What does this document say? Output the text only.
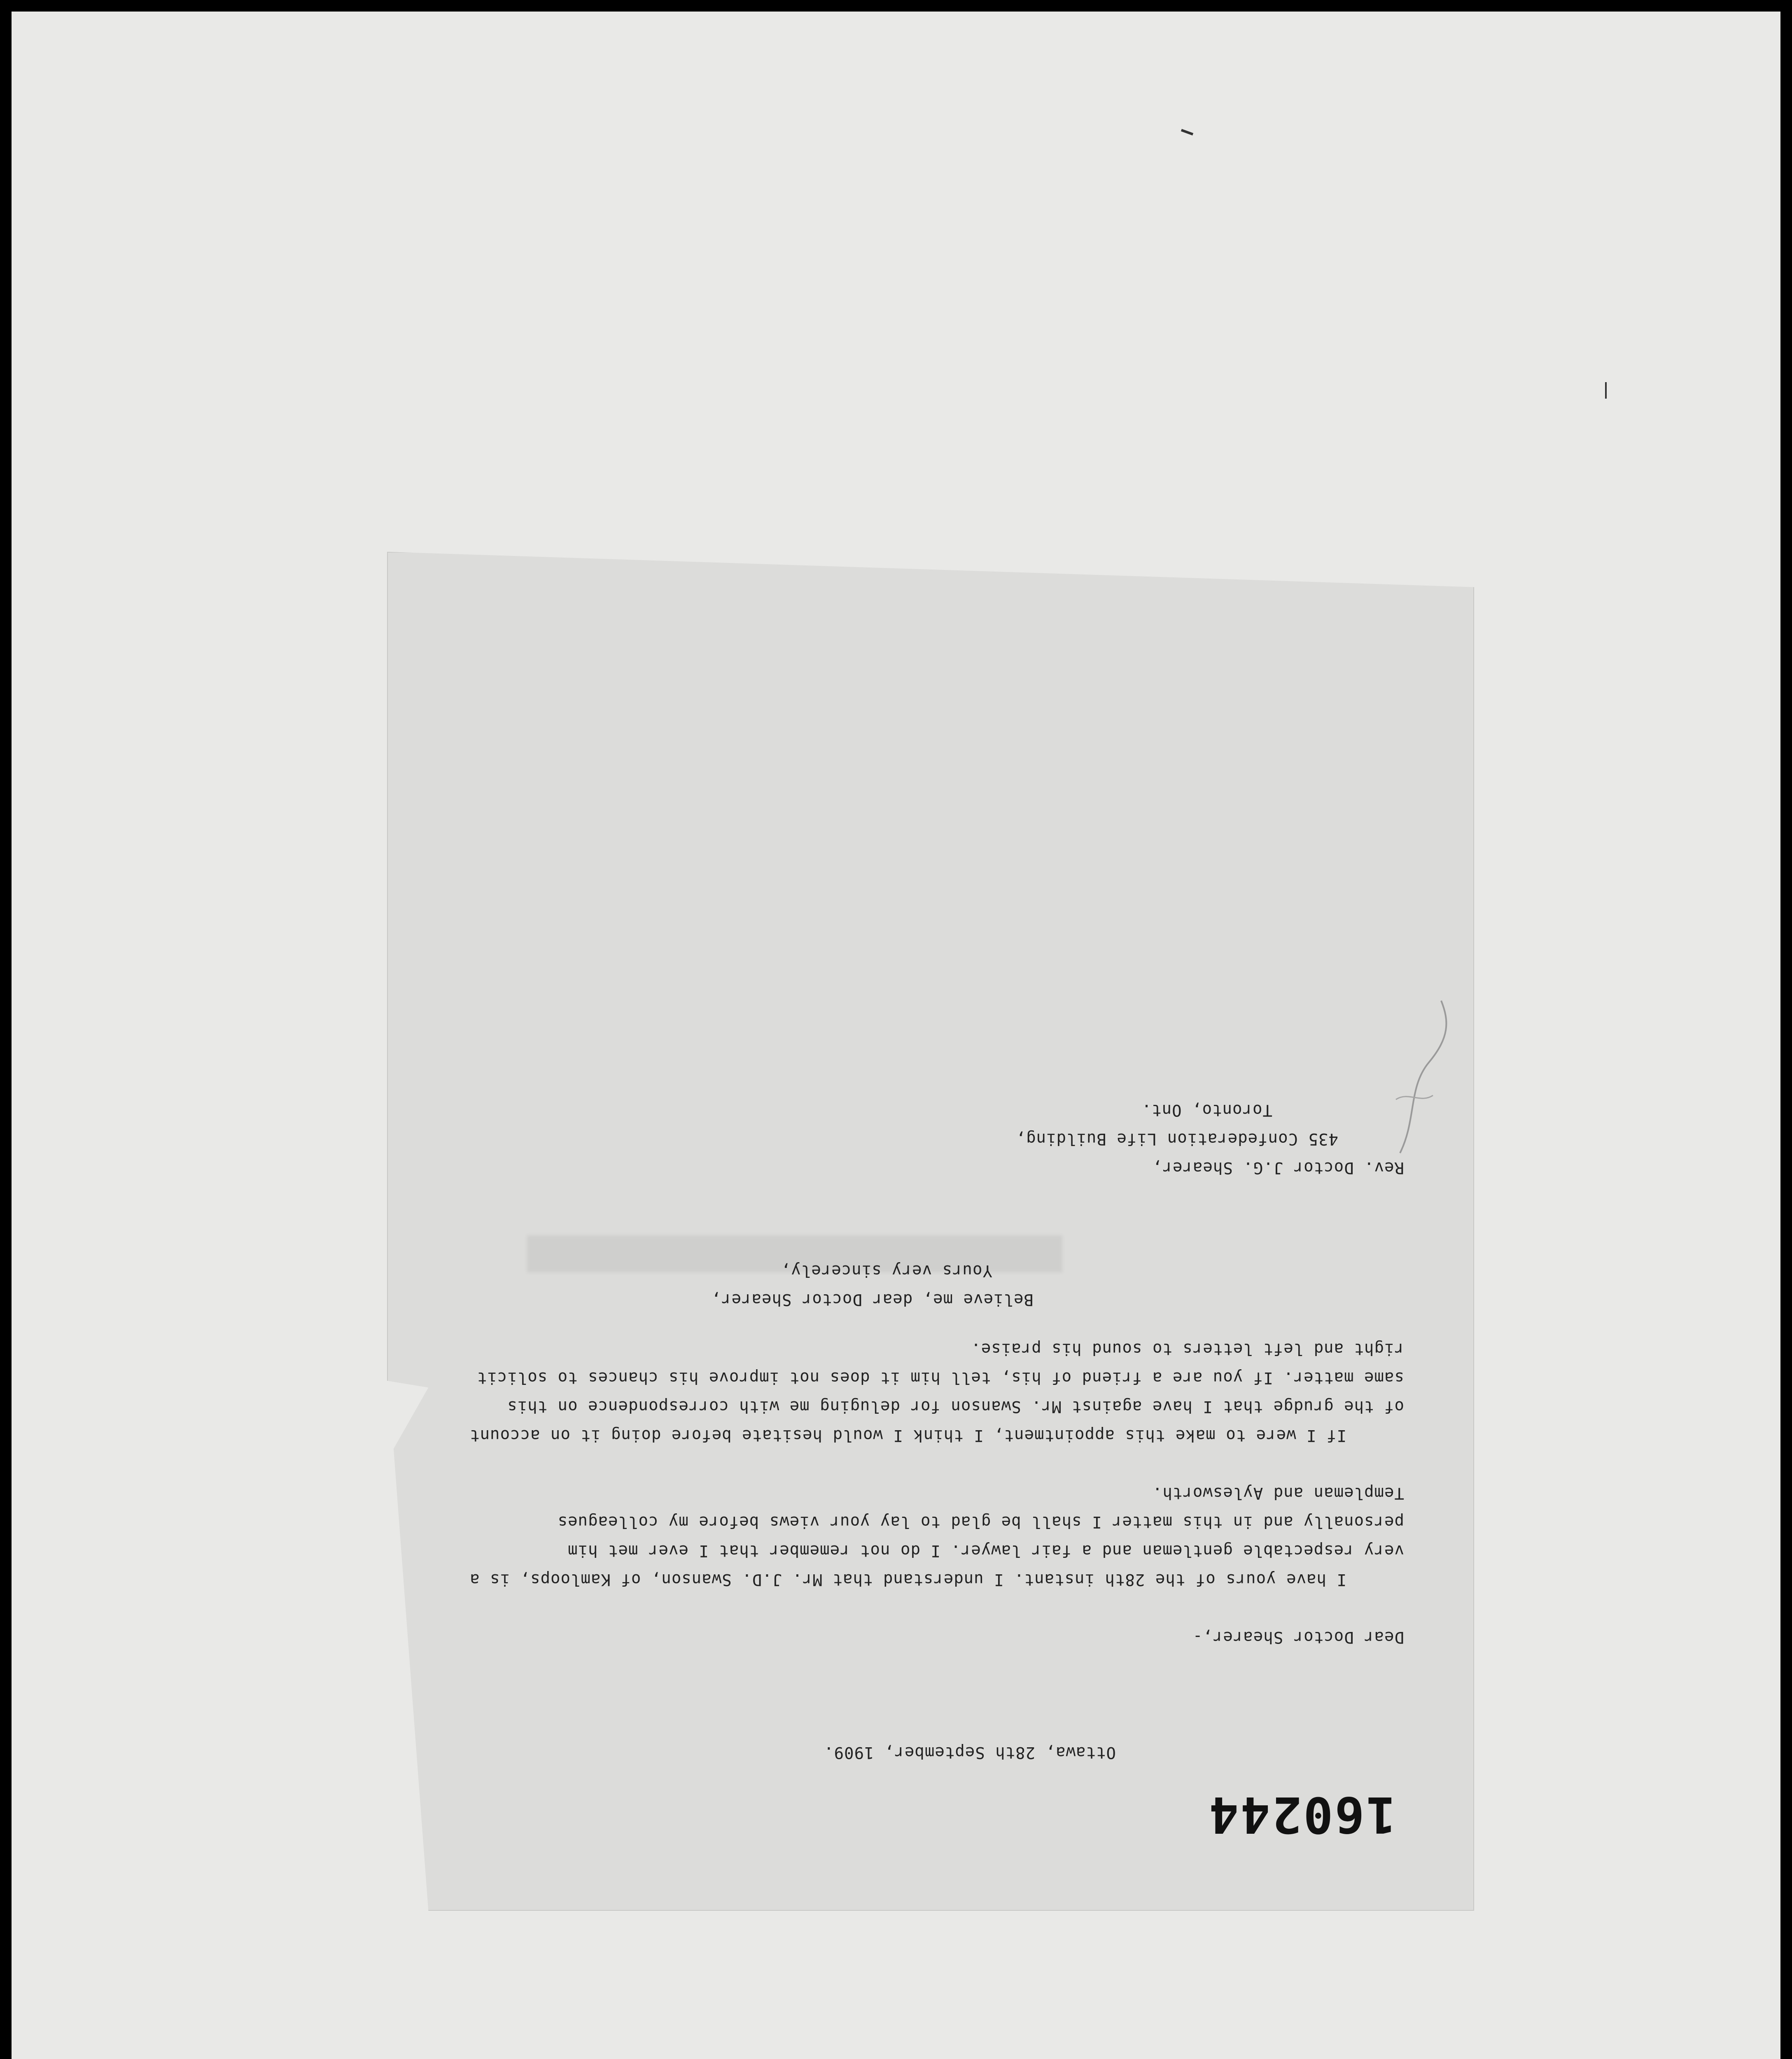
160244
Ottawa, 28th September, 1909.
Dear Doctor Shearer,-

I have yours of the 28th instant. I understand that Mr. J.D. Swanson, of Kamloops, is a very respectable gentleman and a fair lawyer. I do not remember that I ever met him personally and in this matter I shall be glad to lay your views before my colleagues Templeman and Aylesworth.

If I were to make this appointment, I think I would hesitate before doing it on account of the grudge that I have against Mr. Swanson for deluging me with correspondence on this same matter. If you are a friend of his, tell him it does not improve his chances to solicit right and left letters to sound his praise.

Believe me, dear Doctor Shearer,
Yours very sincerely,
Rev. Doctor J.G. Shearer,
435 Confederation Life Building,
Toronto, Ont.
